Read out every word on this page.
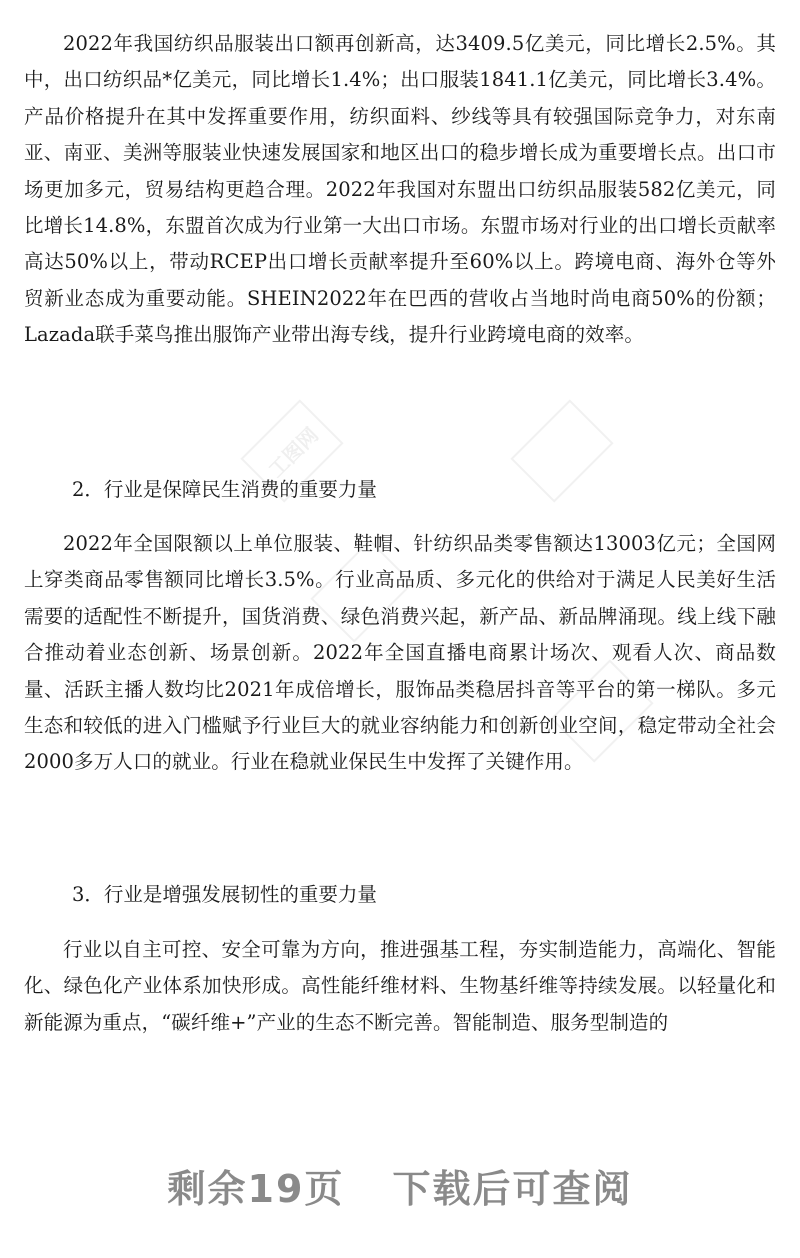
工图网

2022年我国纺织品服装出口额再创新高，达3409.5亿美元，同比增长2.5%。其中，出口纺织品*亿美元，同比增长1.4%；出口服装1841.1亿美元，同比增长3.4%。产品价格提升在其中发挥重要作用，纺织面料、纱线等具有较强国际竞争力，对东南亚、南亚、美洲等服装业快速发展国家和地区出口的稳步增长成为重要增长点。出口市场更加多元，贸易结构更趋合理。2022年我国对东盟出口纺织品服装582亿美元，同比增长14.8%，东盟首次成为行业第一大出口市场。东盟市场对行业的出口增长贡献率高达50%以上，带动RCEP出口增长贡献率提升至60%以上。跨境电商、海外仓等外贸新业态成为重要动能。SHEIN2022年在巴西的营收占当地时尚电商50%的份额；Lazada联手菜鸟推出服饰产业带出海专线，提升行业跨境电商的效率。

2．行业是保障民生消费的重要力量

2022年全国限额以上单位服装、鞋帽、针纺织品类零售额达13003亿元；全国网上穿类商品零售额同比增长3.5%。行业高品质、多元化的供给对于满足人民美好生活需要的适配性不断提升，国货消费、绿色消费兴起，新产品、新品牌涌现。线上线下融合推动着业态创新、场景创新。2022年全国直播电商累计场次、观看人次、商品数量、活跃主播人数均比2021年成倍增长，服饰品类稳居抖音等平台的第一梯队。多元生态和较低的进入门槛赋予行业巨大的就业容纳能力和创新创业空间，稳定带动全社会2000多万人口的就业。行业在稳就业保民生中发挥了关键作用。

3．行业是增强发展韧性的重要力量

行业以自主可控、安全可靠为方向，推进强基工程，夯实制造能力，高端化、智能化、绿色化产业体系加快形成。高性能纤维材料、生物基纤维等持续发展。以轻量化和新能源为重点，“碳纤维+”产业的生态不断完善。智能制造、服务型制造的

剩余19页 下载后可查阅
